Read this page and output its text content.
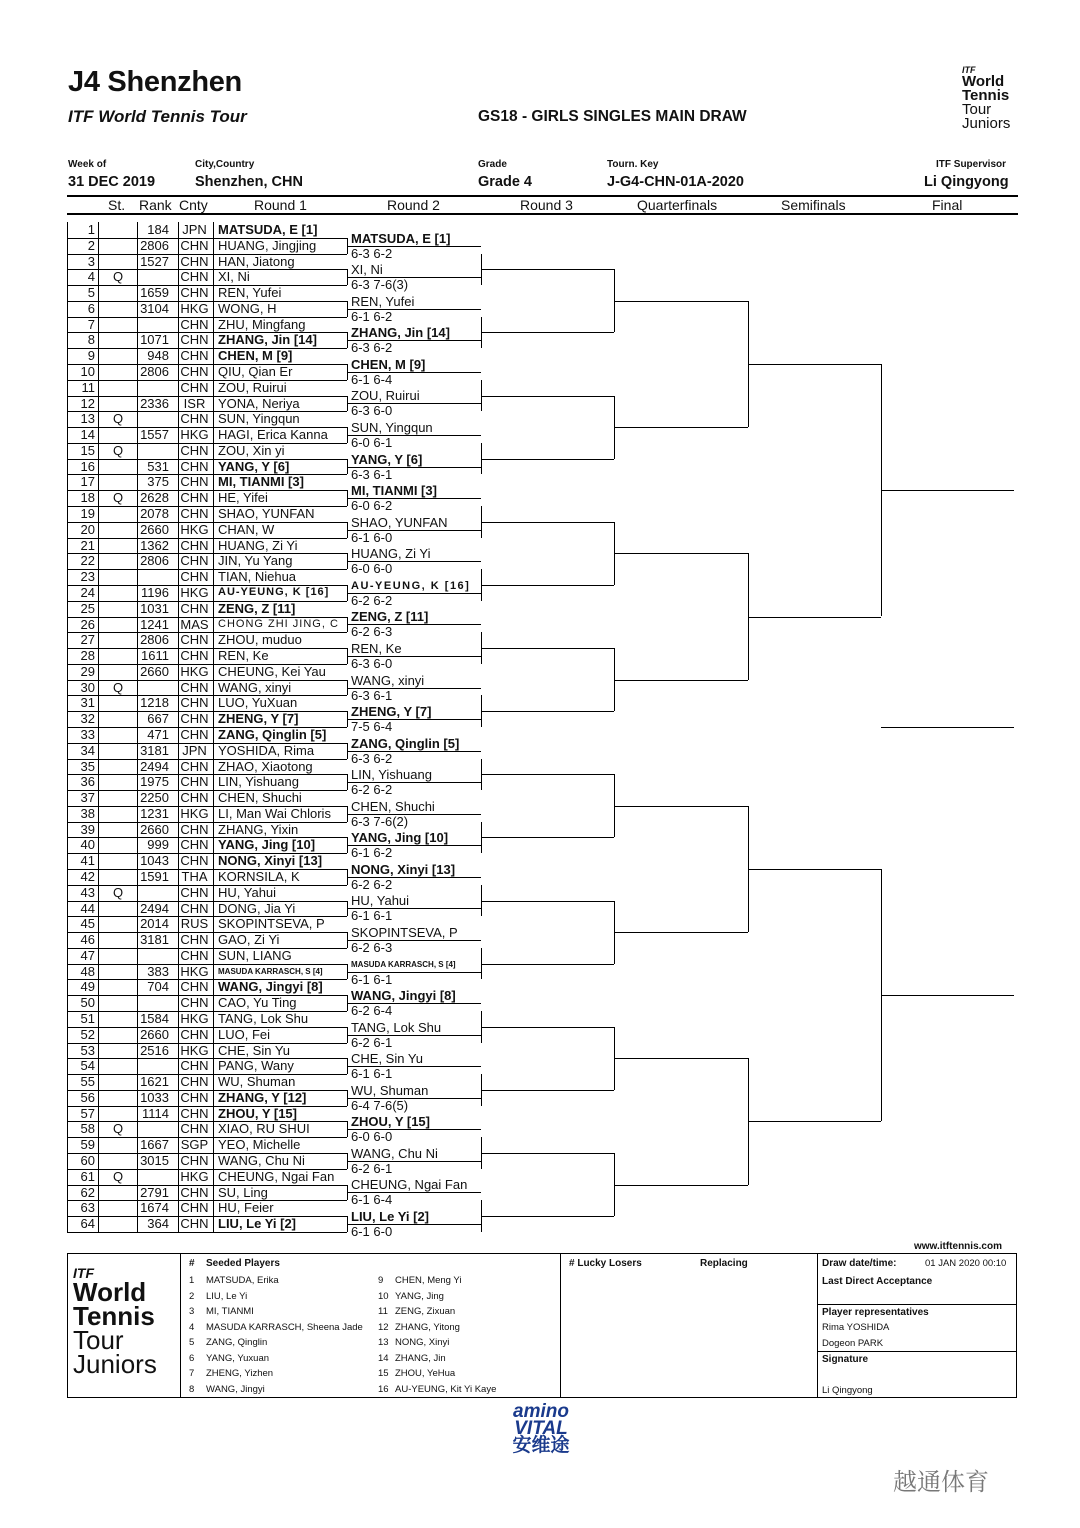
J4 Shenzhen
ITF World Tennis Tour	GS18 - GIRLS SINGLES MAIN DRAW
ITF
World
Tennis
Tour
Juniors
Week of
31 DEC 2019
City,Country
Shenzhen, CHN
Grade
Grade 4
Tourn. Key
J-G4-CHN-01A-2020
ITF Supervisor
Li Qingyong
St. Rank Cnty	Round 1	Round 2	Round 3	Quarterfinals	Semifinals	Final
1	184	JPN MATSUDA, E [1]
2	2806 CHN HUANG, Jingjing
3	1527 CHN HAN, Jiatong
4	Q	CHN XI, Ni
5	1659 CHN REN, Yufei
6	3104 HKG WONG, H
7	CHN ZHU, Mingfang
8	1071 CHN ZHANG, Jin [14]
9	948 CHN CHEN, M [9]
10	2806 CHN QIU, Qian Er
11	CHN ZOU, Ruirui
12	2336	ISR YONA, Neriya
13	Q	CHN SUN, Yingqun
14	1557 HKG HAGI, Erica Kanna
15	Q	CHN ZOU, Xin yi
16	531 CHN YANG, Y [6]
17	375 CHN MI, TIANMI [3]
18	Q	2628 CHN HE, Yifei
19	2078 CHN SHAO, YUNFAN
20	2660 HKG CHAN, W
21	1362 CHN HUANG, Zi Yi
22	2806 CHN JIN, Yu Yang
23	CHN TIAN, Niehua
24	1196 HKG AU-YEUNG, K [16]
25	1031 CHN ZENG, Z [11]
26	1241 MAS CHONG ZHI JING, C
27	2806 CHN ZHOU, muduo
28	1611 CHN REN, Ke
29	2660 HKG CHEUNG, Kei Yau
30	Q	CHN WANG, xinyi
31	1218 CHN LUO, YuXuan
32	667 CHN ZHENG, Y [7]
33	471 CHN ZANG, Qinglin [5]
34	3181	JPN YOSHIDA, Rima
35	2494 CHN ZHAO, Xiaotong
36	1975 CHN LIN, Yishuang
37	2250 CHN CHEN, Shuchi
38	1231 HKG LI, Man Wai Chloris
39	2660 CHN ZHANG, Yixin
40	999 CHN YANG, Jing [10]
41	1043 CHN NONG, Xinyi [13]
42	1591 THA KORNSILA, K
43	Q	CHN HU, Yahui
44	2494 CHN DONG, Jia Yi
45	2014 RUS SKOPINTSEVA, P
46	3181 CHN GAO, Zi Yi
47	CHN SUN, LIANG
48	383 HKG	MASUDA KARRASCH, S [4]
49	704 CHN WANG, Jingyi [8]
50	CHN CAO, Yu Ting
51	1584 HKG TANG, Lok Shu
52	2660 CHN LUO, Fei
53	2516 HKG CHE, Sin Yu
54	CHN PANG, Wany
55	1621 CHN WU, Shuman
56	1033 CHN ZHANG, Y [12]
57	1114 CHN ZHOU, Y [15]
58	Q	CHN XIAO, RU SHUI
59	1667 SGP YEO, Michelle
60	3015 CHN WANG, Chu Ni
61	Q	HKG CHEUNG, Ngai Fan
62	2791 CHN SU, Ling
63	1674 CHN HU, Feier
64	364 CHN LIU, Le Yi [2]
MATSUDA, E [1]
6-3 6-2
XI, Ni
6-3 7-6(3)
REN, Yufei
6-1 6-2
ZHANG, Jin [14]
6-3 6-2
CHEN, M [9]
6-1 6-4
ZOU, Ruirui
6-3 6-0
SUN, Yingqun
6-0 6-1
YANG, Y [6]
6-3 6-1
MI, TIANMI [3]
6-0 6-2
SHAO, YUNFAN
6-1 6-0
HUANG, Zi Yi
6-0 6-0
AU-YEUNG, K [16]
6-2 6-2
ZENG, Z [11]
6-2 6-3
REN, Ke
6-3 6-0
WANG, xinyi
6-3 6-1
ZHENG, Y [7]
7-5 6-4
ZANG, Qinglin [5]
6-3 6-2
LIN, Yishuang
6-2 6-2
CHEN, Shuchi
6-3 7-6(2)
YANG, Jing [10]
6-1 6-2
NONG, Xinyi [13]
6-2 6-2
HU, Yahui
6-1 6-1
SKOPINTSEVA, P
6-2 6-3
MASUDA KARRASCH, S [4]
6-1 6-1
WANG, Jingyi [8]
6-2 6-4
TANG, Lok Shu
6-2 6-1
CHE, Sin Yu
6-1 6-1
WU, Shuman
6-4 7-6(5)
ZHOU, Y [15]
6-0 6-0
WANG, Chu Ni
6-2 6-1
CHEUNG, Ngai Fan
6-1 6-4
LIU, Le Yi [2]
6-1 6-0
www.itftennis.com
ITF
World
Tennis
Tour
Juniors
# Seeded Players
1 MATSUDA, Erika
2 LIU, Le Yi
3 MI, TIANMI
4 MASUDA KARRASCH, Sheena Jade
5 ZANG, Qinglin
6 YANG, Yuxuan
7 ZHENG, Yizhen
8 WANG, Jingyi
9 CHEN, Meng Yi
10 YANG, Jing
11 ZENG, Zixuan
12 ZHANG, Yitong
13 NONG, Xinyi
14 ZHANG, Jin
15 ZHOU, YeHua
16 AU-YEUNG, Kit Yi Kaye
# Lucky Losers	Replacing	Draw date/time:	01 JAN 2020 00:10
Last Direct Acceptance
Player representatives
Rima YOSHIDA
Dogeon PARK
Signature
Li Qingyong
amino
VITAL
安维途
越通体育
